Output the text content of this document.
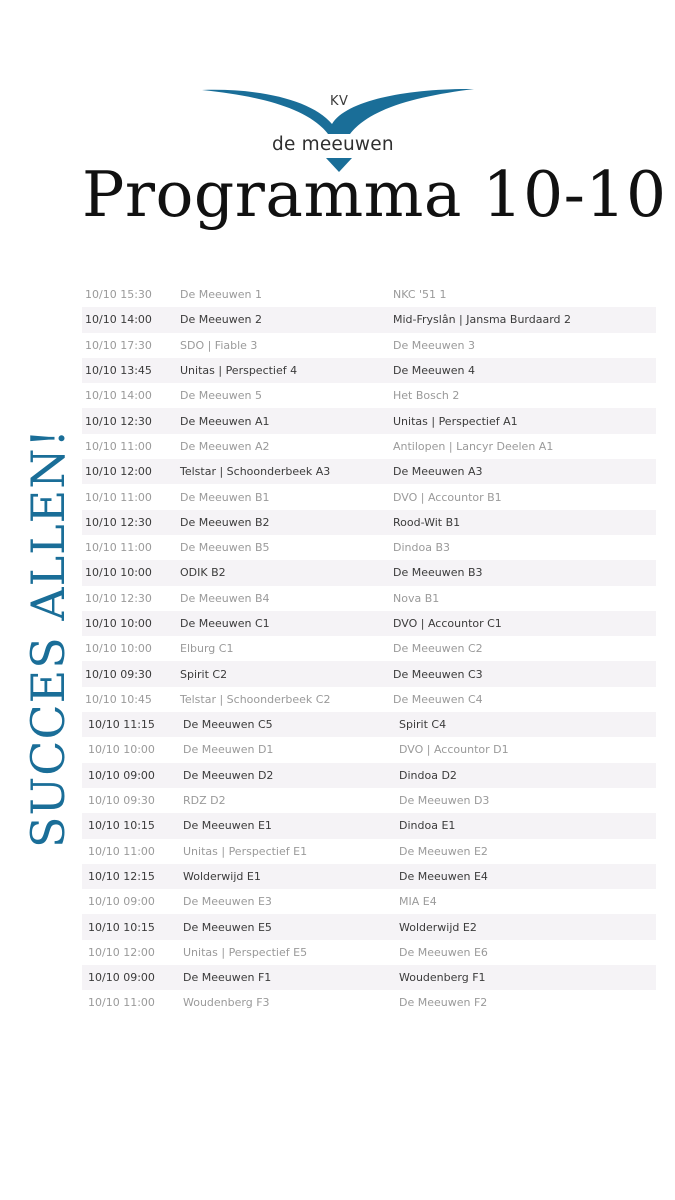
KV
de meeuwen
Programma 10-10
SUCCES ALLEN!
10/10 15:30	De Meeuwen 1	NKC '51 1
10/10 14:00	De Meeuwen 2	Mid-Fryslân | Jansma Burdaard 2
10/10 17:30	SDO | Fiable 3	De Meeuwen 3
10/10 13:45	Unitas | Perspectief 4	De Meeuwen 4
10/10 14:00	De Meeuwen 5	Het Bosch 2
10/10 12:30	De Meeuwen A1	Unitas | Perspectief A1
10/10 11:00	De Meeuwen A2	Antilopen | Lancyr Deelen A1
10/10 12:00	Telstar | Schoonderbeek A3	De Meeuwen A3
10/10 11:00	De Meeuwen B1	DVO | Accountor B1
10/10 12:30	De Meeuwen B2	Rood-Wit B1
10/10 11:00	De Meeuwen B5	Dindoa B3
10/10 10:00	ODIK B2	De Meeuwen B3
10/10 12:30	De Meeuwen B4	Nova B1
10/10 10:00	De Meeuwen C1	DVO | Accountor C1
10/10 10:00	Elburg C1	De Meeuwen C2
10/10 09:30	Spirit C2	De Meeuwen C3
10/10 10:45	Telstar | Schoonderbeek C2	De Meeuwen C4
10/10 11:15	De Meeuwen C5	Spirit C4
10/10 10:00	De Meeuwen D1	DVO | Accountor D1
10/10 09:00	De Meeuwen D2	Dindoa D2
10/10 09:30	RDZ D2	De Meeuwen D3
10/10 10:15	De Meeuwen E1	Dindoa E1
10/10 11:00	Unitas | Perspectief E1	De Meeuwen E2
10/10 12:15	Wolderwijd E1	De Meeuwen E4
10/10 09:00	De Meeuwen E3	MIA E4
10/10 10:15	De Meeuwen E5	Wolderwijd E2
10/10 12:00	Unitas | Perspectief E5	De Meeuwen E6
10/10 09:00	De Meeuwen F1	Woudenberg F1
10/10 11:00	Woudenberg F3	De Meeuwen F2
